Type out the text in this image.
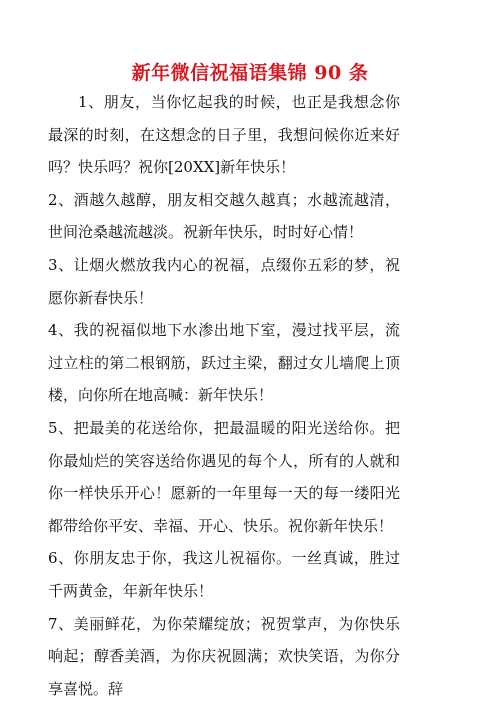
新年微信祝福语集锦 90 条

1、朋友，当你忆起我的时候，也正是我想念你最深的时刻，在这想念的日子里，我想问候你近来好吗？快乐吗？祝你[20XX]新年快乐！

2、酒越久越醇，朋友相交越久越真；水越流越清，世间沧桑越流越淡。祝新年快乐，时时好心情！

3、让烟火燃放我内心的祝福，点缀你五彩的梦，祝愿你新春快乐！

4、我的祝福似地下水渗出地下室，漫过找平层，流过立柱的第二根钢筋，跃过主梁，翻过女儿墙爬上顶楼，向你所在地高喊：新年快乐！

5、把最美的花送给你，把最温暖的阳光送给你。把你最灿烂的笑容送给你遇见的每个人，所有的人就和你一样快乐开心！愿新的一年里每一天的每一缕阳光都带给你平安、幸福、开心、快乐。祝你新年快乐！

6、你朋友忠于你，我这儿祝福你。一丝真诚，胜过千两黄金，年新年快乐！

7、美丽鲜花，为你荣耀绽放；祝贺掌声，为你快乐响起；醇香美酒，为你庆祝圆满；欢快笑语，为你分享喜悦。辞
